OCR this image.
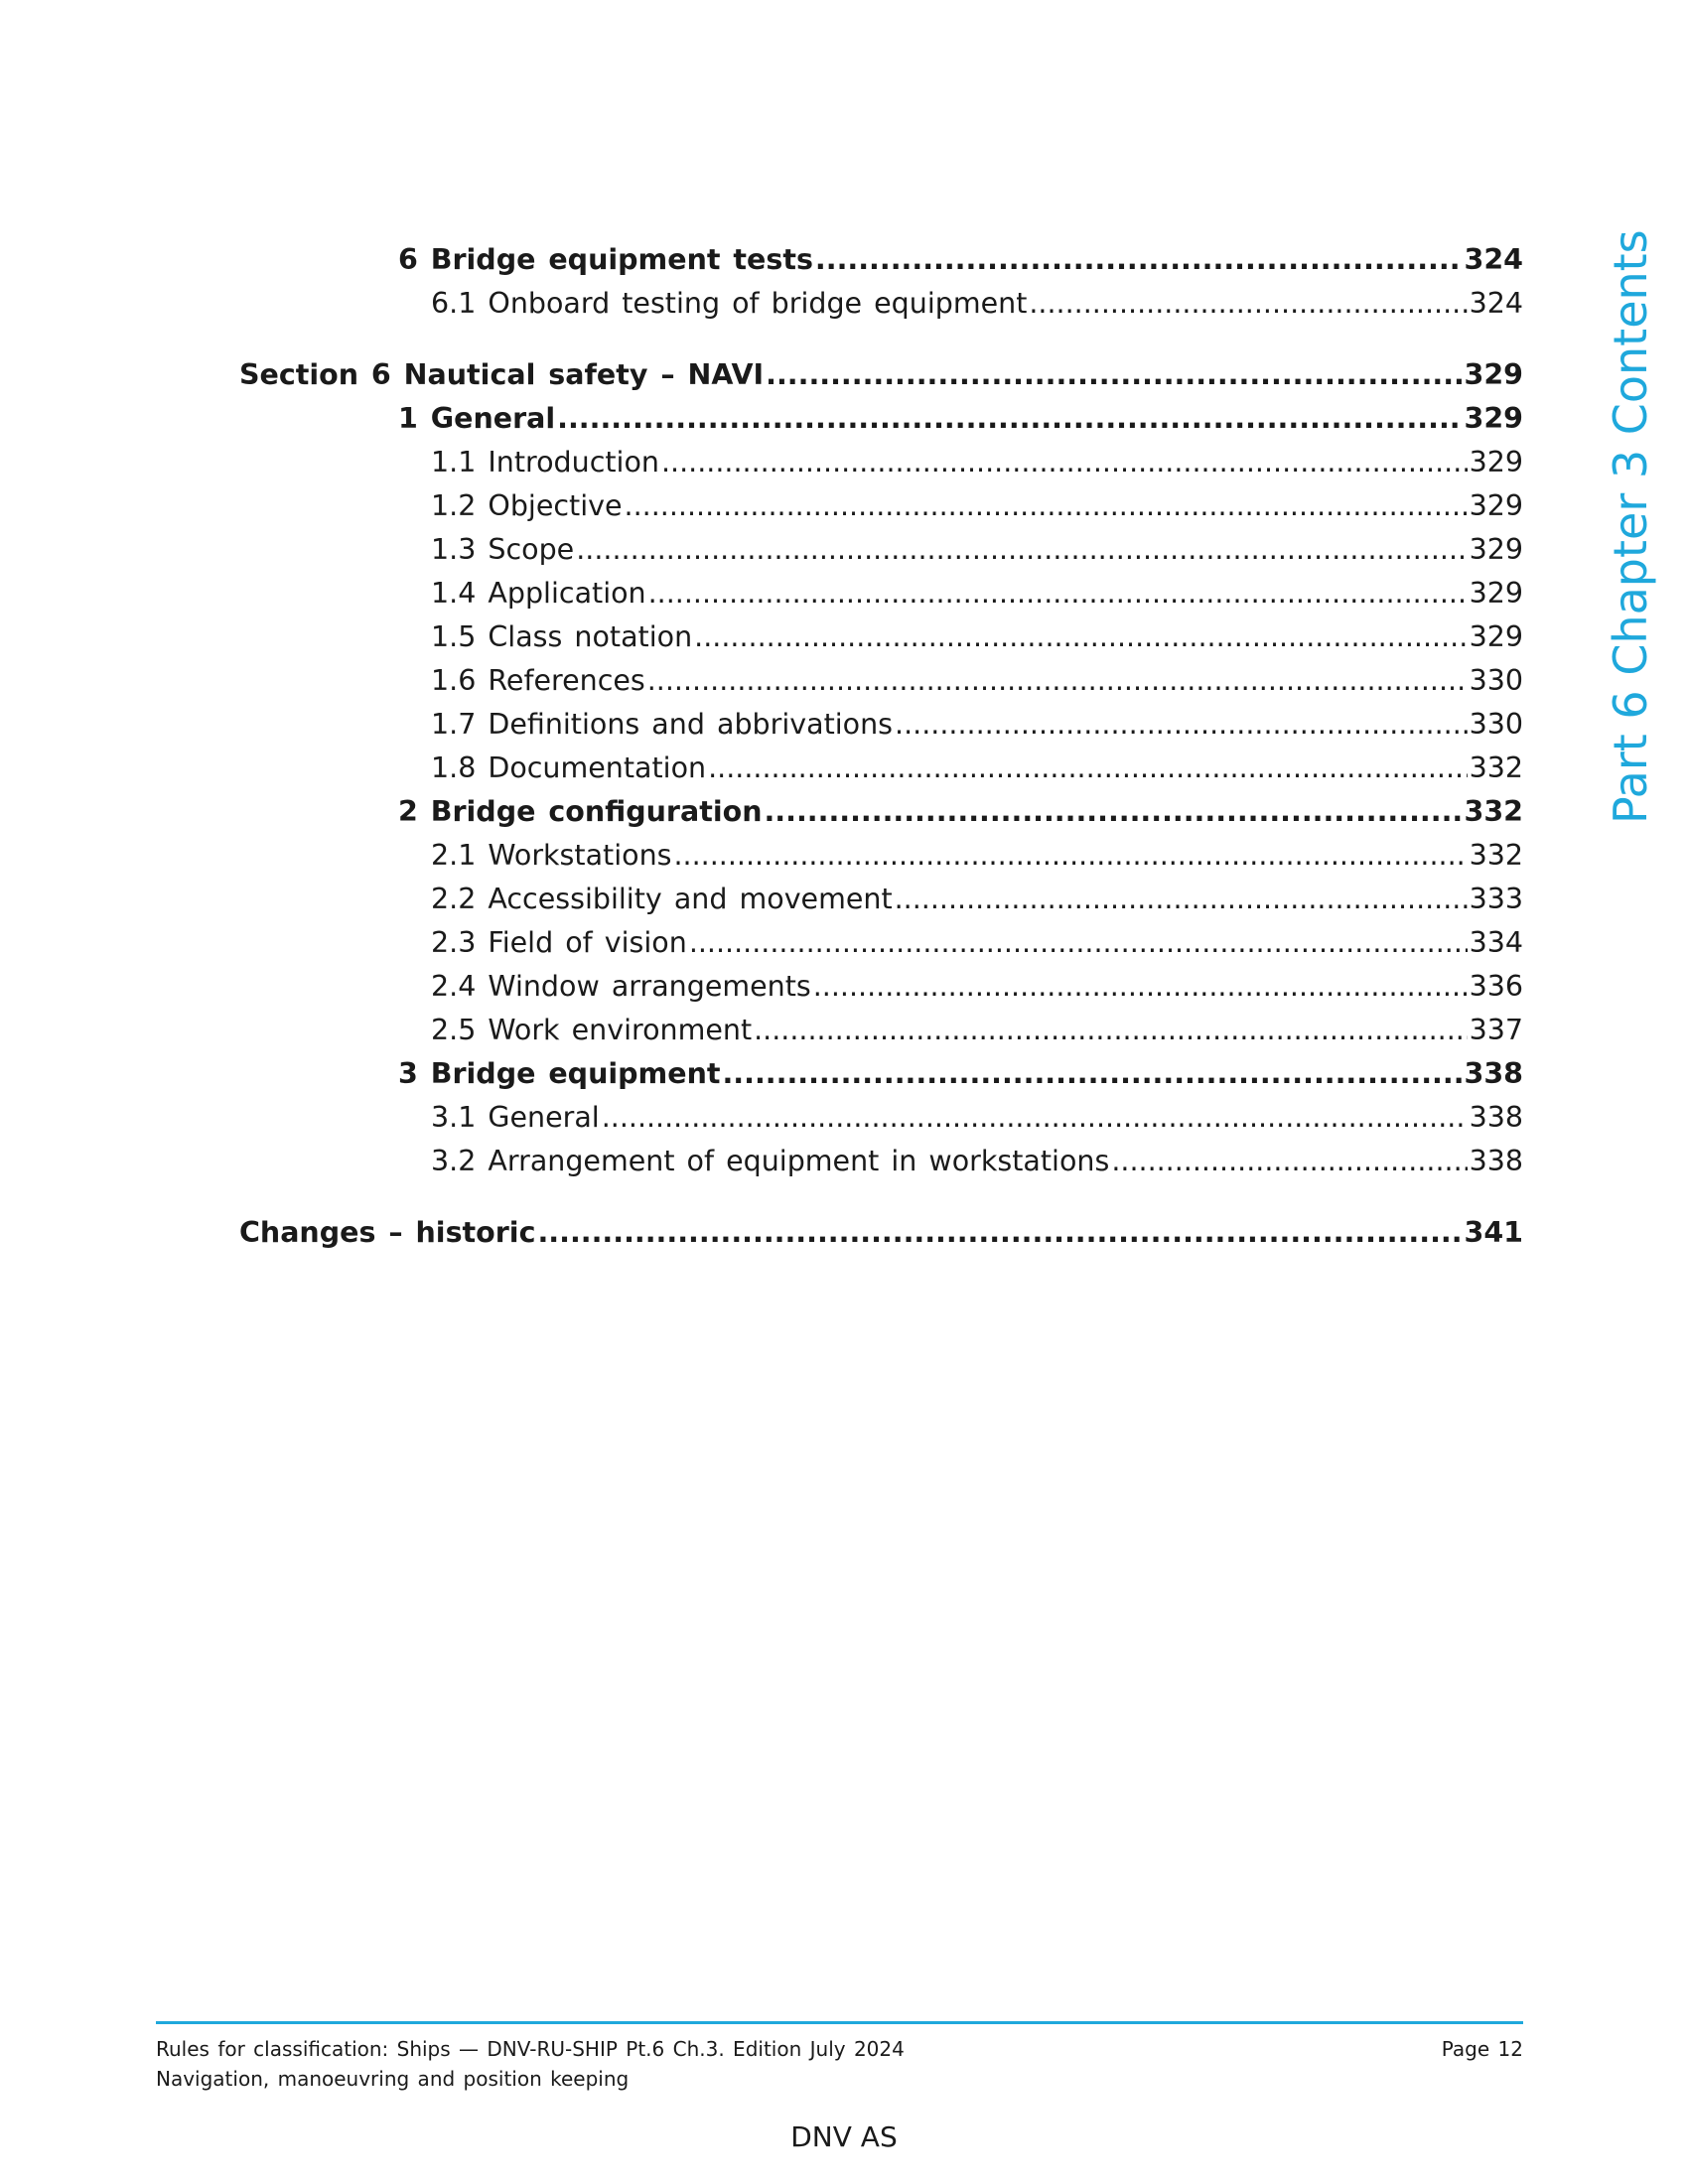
6 Bridge equipment tests .....	324
6.1 Onboard testing of bridge equipment .....	324
Section 6 Nautical safety – NAVI .....	329
1 General .....	329
1.1 Introduction .....	329
1.2 Objective .....	329
1.3 Scope .....	329
1.4 Application .....	329
1.5 Class notation .....	329
1.6 References .....	330
1.7 Definitions and abbrivations .....	330
1.8 Documentation .....	332
2 Bridge configuration .....	332
2.1 Workstations .....	332
2.2 Accessibility and movement .....	333
2.3 Field of vision .....	334
2.4 Window arrangements .....	336
2.5 Work environment .....	337
3 Bridge equipment .....	338
3.1 General .....	338
3.2 Arrangement of equipment in workstations .....	338
Changes – historic .....	341
Part 6 Chapter 3 Contents
Rules for classification: Ships — DNV-RU-SHIP Pt.6 Ch.3. Edition July 2024	Page 12
Navigation, manoeuvring and position keeping
DNV AS
